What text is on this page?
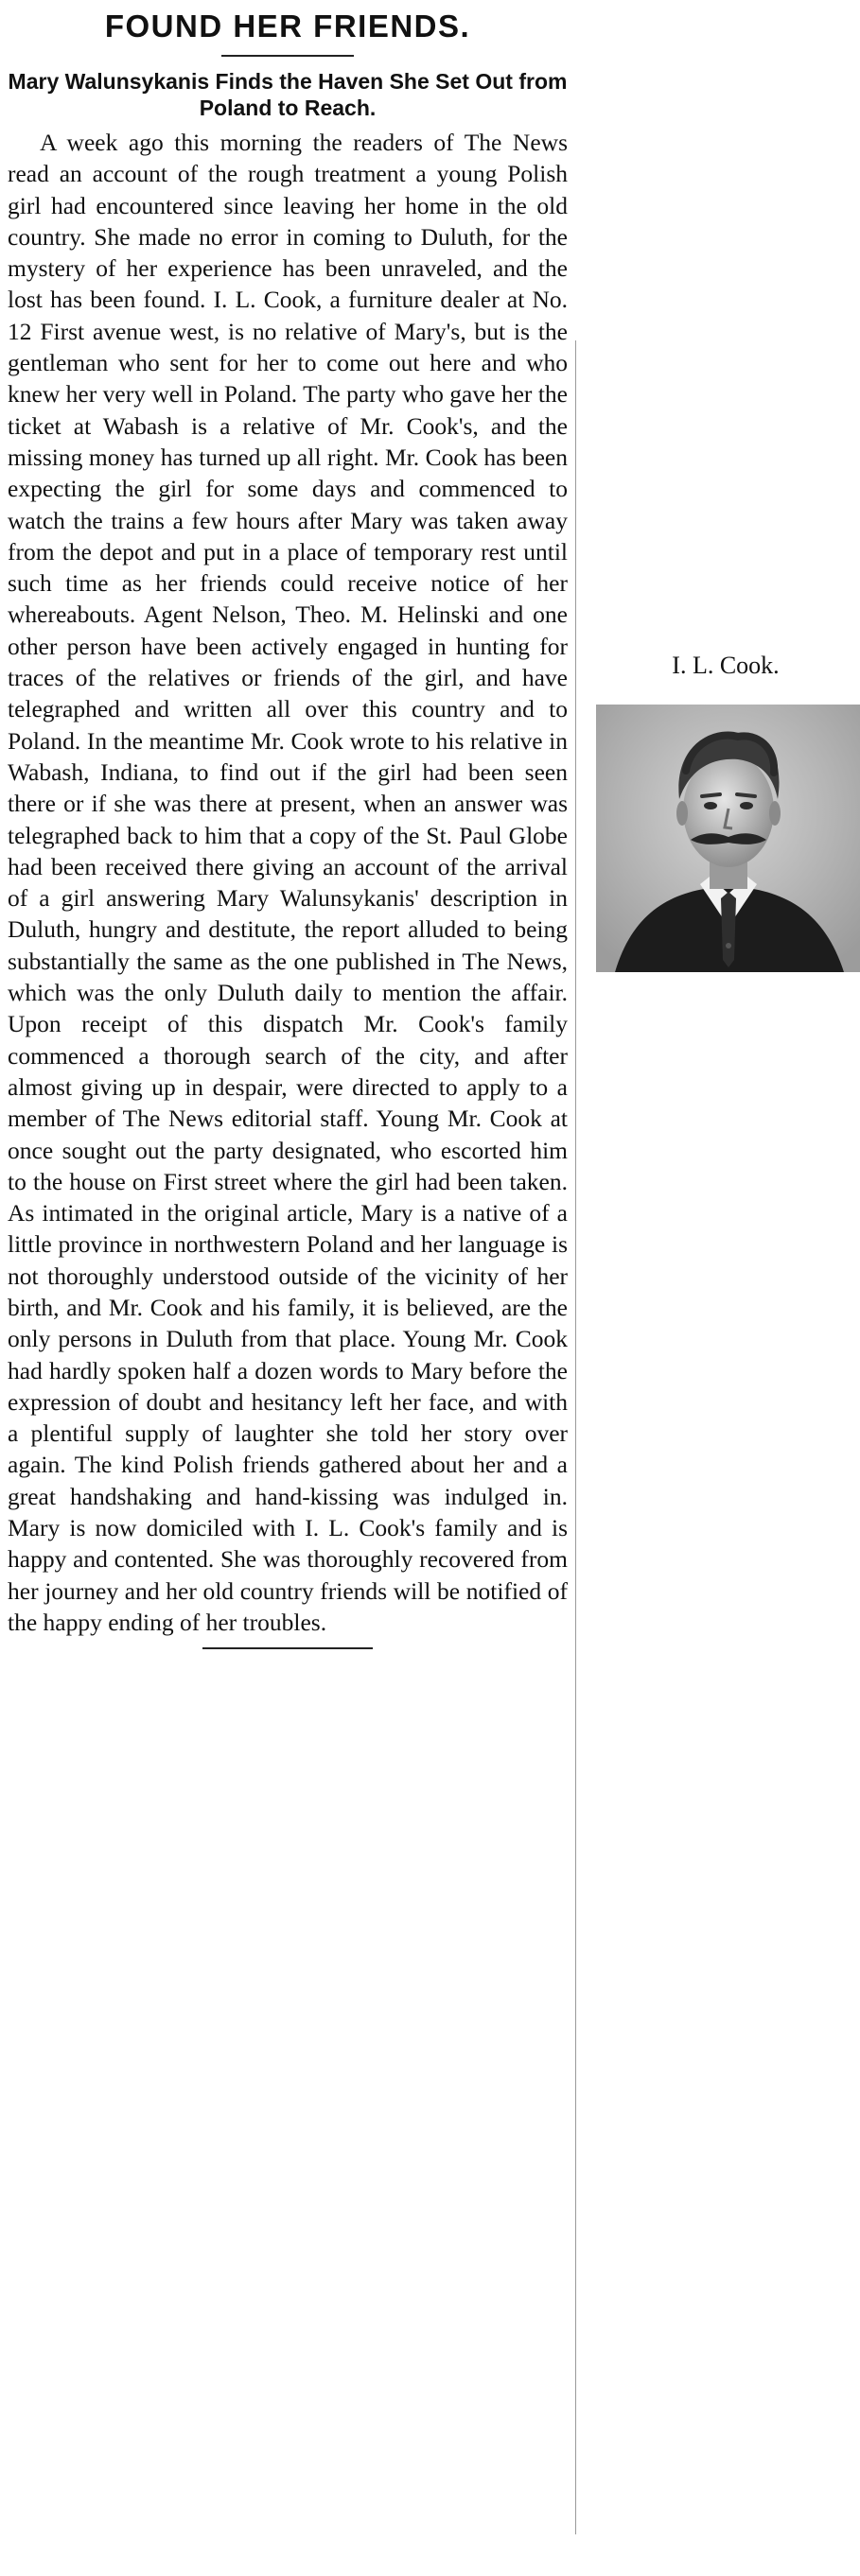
FOUND HER FRIENDS.
Mary Walunsykanis Finds the Haven She Set Out from Poland to Reach.

A week ago this morning the readers of The News read an account of the rough treatment a young Polish girl had encountered since leaving her home in the old country. She made no error in coming to Duluth, for the mystery of her experience has been unraveled, and the lost has been found. I. L. Cook, a furniture dealer at No. 12 First avenue west, is no relative of Mary's, but is the gentleman who sent for her to come out here and who knew her very well in Poland. The party who gave her the ticket at Wabash is a relative of Mr. Cook's, and the missing money has turned up all right. Mr. Cook has been expecting the girl for some days and commenced to watch the trains a few hours after Mary was taken away from the depot and put in a place of temporary rest until such time as her friends could receive notice of her whereabouts. Agent Nelson, Theo. M. Helinski and one other person have been actively engaged in hunting for traces of the relatives or friends of the girl, and have telegraphed and written all over this country and to Poland. In the meantime Mr. Cook wrote to his relative in Wabash, Indiana, to find out if the girl had been seen there or if she was there at present, when an answer was telegraphed back to him that a copy of the St. Paul Globe had been received there giving an account of the arrival of a girl answering Mary Walunsykanis' description in Duluth, hungry and destitute, the report alluded to being substantially the same as the one published in The News, which was the only Duluth daily to mention the affair. Upon receipt of this dispatch Mr. Cook's family commenced a thorough search of the city, and after almost giving up in despair, were directed to apply to a member of The News editorial staff. Young Mr. Cook at once sought out the party designated, who escorted him to the house on First street where the girl had been taken. As intimated in the original article, Mary is a native of a little province in northwestern Poland and her language is not thoroughly understood outside of the vicinity of her birth, and Mr. Cook and his family, it is believed, are the only persons in Duluth from that place. Young Mr. Cook had hardly spoken half a dozen words to Mary before the expression of doubt and hesitancy left her face, and with a plentiful supply of laughter she told her story over again. The kind Polish friends gathered about her and a great handshaking and hand-kissing was indulged in. Mary is now domiciled with I. L. Cook's family and is happy and contented. She was thoroughly recovered from her journey and her old country friends will be notified of the happy ending of her troubles.

I. L. Cook.
